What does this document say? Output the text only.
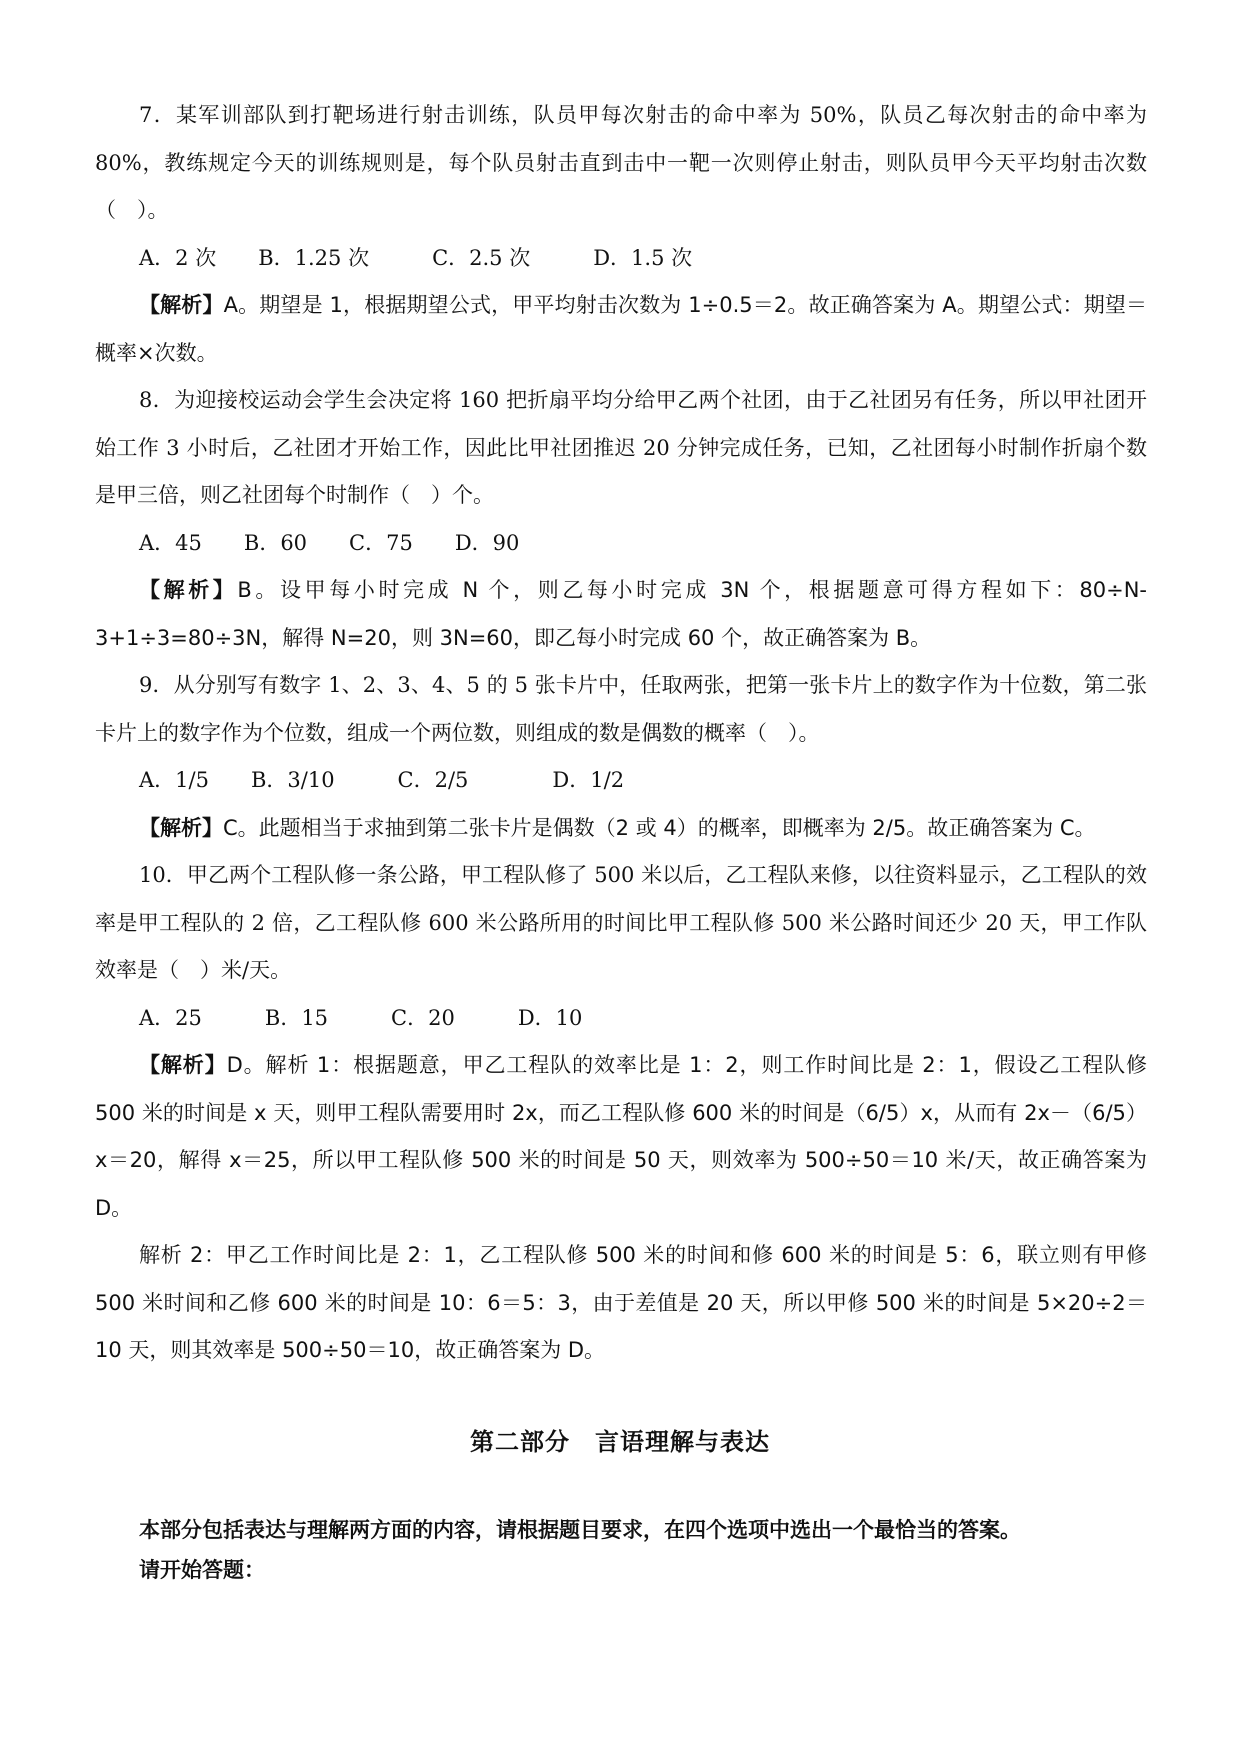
7．某军训部队到打靶场进行射击训练，队员甲每次射击的命中率为 50%，队员乙每次射击的命中率为 80%，教练规定今天的训练规则是，每个队员射击直到击中一靶一次则停止射击，则队员甲今天平均射击次数（　）。

A．2 次　　B．1.25 次　　　C．2.5 次　　　D．1.5 次

【解析】A。期望是 1，根据期望公式，甲平均射击次数为 1÷0.5＝2。故正确答案为 A。期望公式：期望＝概率×次数。

8．为迎接校运动会学生会决定将 160 把折扇平均分给甲乙两个社团，由于乙社团另有任务，所以甲社团开始工作 3 小时后，乙社团才开始工作，因此比甲社团推迟 20 分钟完成任务，已知，乙社团每小时制作折扇个数是甲三倍，则乙社团每个时制作（　）个。

A．45　　B．60　　C．75　　D．90

【解析】B。设甲每小时完成 N 个，则乙每小时完成 3N 个，根据题意可得方程如下：80÷N-3+1÷3=80÷3N，解得 N=20，则 3N=60，即乙每小时完成 60 个，故正确答案为 B。

9．从分别写有数字 1、2、3、4、5 的 5 张卡片中，任取两张，把第一张卡片上的数字作为十位数，第二张卡片上的数字作为个位数，组成一个两位数，则组成的数是偶数的概率（　）。

A．1/5　　B．3/10　　　C．2/5　　　　D．1/2

【解析】C。此题相当于求抽到第二张卡片是偶数（2 或 4）的概率，即概率为 2/5。故正确答案为 C。

10．甲乙两个工程队修一条公路，甲工程队修了 500 米以后，乙工程队来修，以往资料显示，乙工程队的效率是甲工程队的 2 倍，乙工程队修 600 米公路所用的时间比甲工程队修 500 米公路时间还少 20 天，甲工作队效率是（　）米/天。

A．25　　　B．15　　　C．20　　　D．10

【解析】D。解析 1：根据题意，甲乙工程队的效率比是 1：2，则工作时间比是 2：1，假设乙工程队修 500 米的时间是 x 天，则甲工程队需要用时 2x，而乙工程队修 600 米的时间是（6/5）x，从而有 2x－（6/5）x＝20，解得 x＝25，所以甲工程队修 500 米的时间是 50 天，则效率为 500÷50＝10 米/天，故正确答案为 D。

解析 2：甲乙工作时间比是 2：1，乙工程队修 500 米的时间和修 600 米的时间是 5：6，联立则有甲修 500 米时间和乙修 600 米的时间是 10：6＝5：3，由于差值是 20 天，所以甲修 500 米的时间是 5×20÷2＝10 天，则其效率是 500÷50＝10，故正确答案为 D。

第二部分　言语理解与表达

本部分包括表达与理解两方面的内容，请根据题目要求，在四个选项中选出一个最恰当的答案。

请开始答题：
